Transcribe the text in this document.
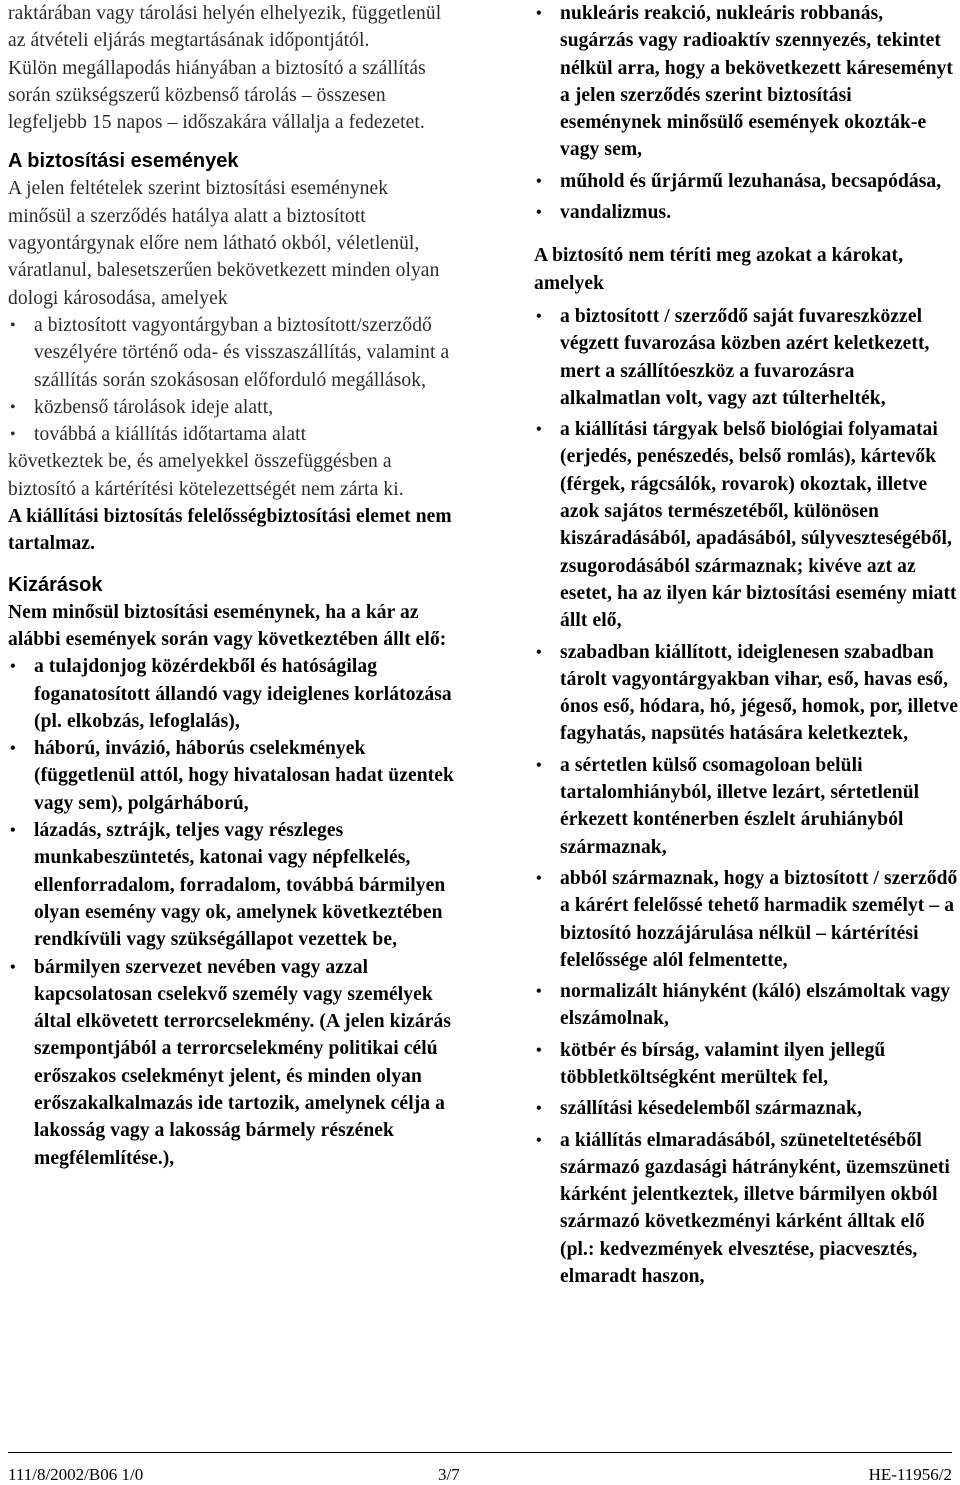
raktárában vagy tárolási helyén elhelyezik, függetlenül az átvételi eljárás megtartásának időpontjától.

Külön megállapodás hiányában a biztosító a szállítás során szükségszerű közbenső tárolás – összesen legfeljebb 15 napos – időszakára vállalja a fedezetet.

A biztosítási események

A jelen feltételek szerint biztosítási eseménynek minősül a szerződés hatálya alatt a biztosított vagyontárgynak előre nem látható okból, véletlenül, váratlanul, balesetszerűen bekövetkezett minden olyan dologi károsodása, amelyek

• a biztosított vagyontárgyban a biztosított/szerződő veszélyére történő oda- és visszaszállítás, valamint a szállítás során szokásosan előforduló megállások,
• közbenső tárolások ideje alatt,
• továbbá a kiállítás időtartama alatt

következtek be, és amelyekkel összefüggésben a biztosító a kártérítési kötelezettségét nem zárta ki.

A kiállítási biztosítás felelősségbiztosítási elemet nem tartalmaz.

Kizárások

Nem minősül biztosítási eseménynek, ha a kár az alábbi események során vagy következtében állt elő:

• a tulajdonjog közérdekből és hatóságilag foganatosított állandó vagy ideiglenes korlátozása (pl. elkobzás, lefoglalás),
• háború, invázió, háborús cselekmények (függetlenül attól, hogy hivatalosan hadat üzentek vagy sem), polgárháború,
• lázadás, sztrájk, teljes vagy részleges munkabeszüntetés, katonai vagy népfelkelés, ellenforradalom, forradalom, továbbá bármilyen olyan esemény vagy ok, amelynek következtében rendkívüli vagy szükségállapot vezettek be,
• bármilyen szervezet nevében vagy azzal kapcsolatosan cselekvő személy vagy személyek által elkövetett terrorcselekmény. (A jelen kizárás szempontjából a terrorcselekmény politikai célú erőszakos cselekményt jelent, és minden olyan erőszakalkalmazás ide tartozik, amelynek célja a lakosság vagy a lakosság bármely részének megfélemlítése.),
• nukleáris reakció, nukleáris robbanás, sugárzás vagy radioaktív szennyezés, tekintet nélkül arra, hogy a bekövetkezett káreseményt a jelen szerződés szerint biztosítási eseménynek minősülő események okozták-e vagy sem,
• műhold és űrjármű lezuhanása, becsapódása,
• vandalizmus.

A biztosító nem téríti meg azokat a károkat, amelyek

• a biztosított / szerződő saját fuvareszközzel végzett fuvarozása közben azért keletkezett, mert a szállítóeszköz a fuvarozásra alkalmatlan volt, vagy azt túlterhelték,
• a kiállítási tárgyak belső biológiai folyamatai (erjedés, penészedés, belső romlás), kártevők (férgek, rágcsálók, rovarok) okoztak, illetve azok sajátos természetéből, különösen kiszáradásából, apadásából, súlyveszteségéből, zsugorodásából származnak; kivéve azt az esetet, ha az ilyen kár biztosítási esemény miatt állt elő,
• szabadban kiállított, ideiglenesen szabadban tárolt vagyontárgyakban vihar, eső, havas eső, ónos eső, hódara, hó, jégeső, homok, por, illetve fagyhatás, napsütés hatására keletkeztek,
• a sértetlen külső csomagoloan belüli tartalomhiányból, illetve lezárt, sértetlenül érkezett konténerben észlelt áruhiányból származnak,
• abból származnak, hogy a biztosított / szerződő a kárért felelőssé tehető harmadik személyt – a biztosító hozzájárulása nélkül – kártérítési felelőssége alól felmentette,
• normalizált hiányként (káló) elszámoltak vagy elszámolnak,
• kötbér és bírság, valamint ilyen jellegű többletköltségként merültek fel,
• szállítási késedelemből származnak,
• a kiállítás elmaradásából, szüneteltetéséből származó gazdasági hátrányként, üzemszüneti kárként jelentkeztek, illetve bármilyen okból származó következményi kárként álltak elő (pl.: kedvezmények elvesztése, piacvesztés, elmaradt haszon,
111/8/2002/B06 1/0	3/7	HE-11956/2
